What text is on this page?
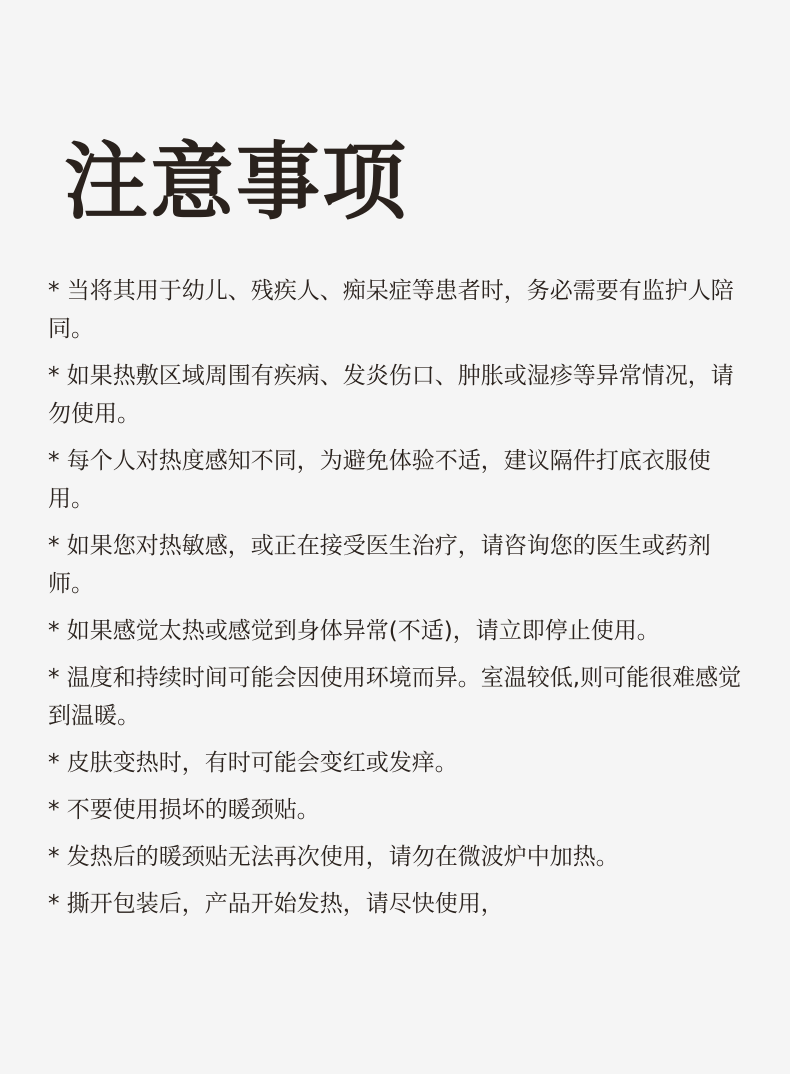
注意事项
* 当将其用于幼儿、残疾人、痴呆症等患者时，务必需要有监护人陪同。
* 如果热敷区域周围有疾病、发炎伤口、肿胀或湿疹等异常情况，请勿使用。
* 每个人对热度感知不同，为避免体验不适，建议隔件打底衣服使用。
* 如果您对热敏感，或正在接受医生治疗，请咨询您的医生或药剂师。
* 如果感觉太热或感觉到身体异常(不适)，请立即停止使用。
* 温度和持续时间可能会因使用环境而异。室温较低,则可能很难感觉到温暖。
* 皮肤变热时，有时可能会变红或发痒。
* 不要使用损坏的暖颈贴。
* 发热后的暖颈贴无法再次使用，请勿在微波炉中加热。
* 撕开包装后，产品开始发热，请尽快使用，
